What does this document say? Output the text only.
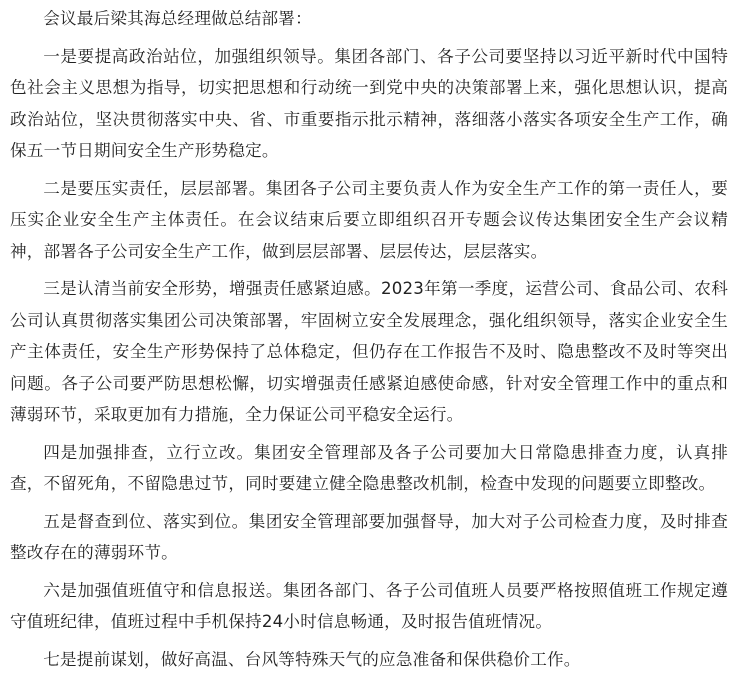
会议最后梁其海总经理做总结部署：

一是要提高政治站位，加强组织领导。集团各部门、各子公司要坚持以习近平新时代中国特色社会主义思想为指导，切实把思想和行动统一到党中央的决策部署上来，强化思想认识，提高政治站位，坚决贯彻落实中央、省、市重要指示批示精神，落细落小落实各项安全生产工作，确保五一节日期间安全生产形势稳定。

二是要压实责任，层层部署。集团各子公司主要负责人作为安全生产工作的第一责任人，要压实企业安全生产主体责任。在会议结束后要立即组织召开专题会议传达集团安全生产会议精神，部署各子公司安全生产工作，做到层层部署、层层传达，层层落实。

三是认清当前安全形势，增强责任感紧迫感。2023年第一季度，运营公司、食品公司、农科公司认真贯彻落实集团公司决策部署，牢固树立安全发展理念，强化组织领导，落实企业安全生产主体责任，安全生产形势保持了总体稳定，但仍存在工作报告不及时、隐患整改不及时等突出问题。各子公司要严防思想松懈，切实增强责任感紧迫感使命感，针对安全管理工作中的重点和薄弱环节，采取更加有力措施，全力保证公司平稳安全运行。

四是加强排查，立行立改。集团安全管理部及各子公司要加大日常隐患排查力度，认真排查，不留死角，不留隐患过节，同时要建立健全隐患整改机制，检查中发现的问题要立即整改。

五是督查到位、落实到位。集团安全管理部要加强督导，加大对子公司检查力度，及时排查整改存在的薄弱环节。

六是加强值班值守和信息报送。集团各部门、各子公司值班人员要严格按照值班工作规定遵守值班纪律，值班过程中手机保持24小时信息畅通，及时报告值班情况。

七是提前谋划，做好高温、台风等特殊天气的应急准备和保供稳价工作。
